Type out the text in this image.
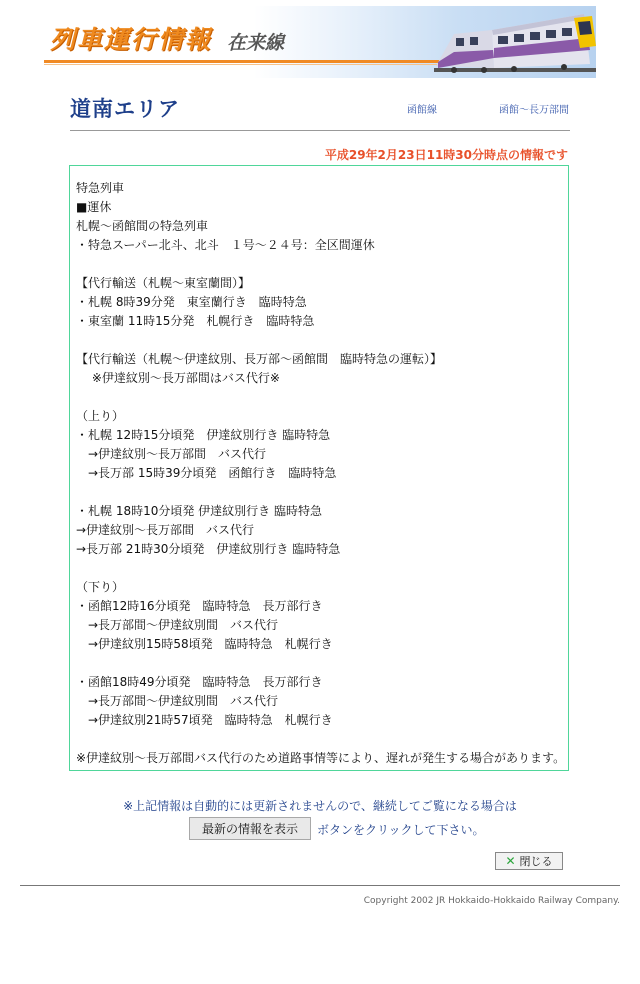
列車運行情報 在来線
道南エリア	函館線	函館～長万部間
平成29年2月23日11時30分時点の情報です
特急列車
■運休
札幌～函館間の特急列車
・特急スーパー北斗、北斗　１号～２４号：全区間運休
【代行輸送（札幌～東室蘭間）】
・札幌 8時39分発　東室蘭行き　臨時特急
・東室蘭 11時15分発　札幌行き　臨時特急
【代行輸送（札幌～伊達紋別、長万部～函館間　臨時特急の運転）】
　 ※伊達紋別～長万部間はバス代行※
（上り）
・札幌 12時15分頃発　伊達紋別行き 臨時特急
　→伊達紋別～長万部間　バス代行
　→長万部 15時39分頃発　函館行き　臨時特急
・札幌 18時10分頃発 伊達紋別行き 臨時特急
→伊達紋別～長万部間　バス代行
→長万部 21時30分頃発　伊達紋別行き 臨時特急
（下り）
・函館12時16分頃発　臨時特急　長万部行き
　→長万部間～伊達紋別間　バス代行
　→伊達紋別15時58頃発　臨時特急　札幌行き
・函館18時49分頃発　臨時特急　長万部行き
　→長万部間～伊達紋別間　バス代行
　→伊達紋別21時57頃発　臨時特急　札幌行き
※伊達紋別～長万部間バス代行のため道路事情等により、遅れが発生する場合があります。
※上記情報は自動的には更新されませんので、継続してご覧になる場合は
最新の情報を表示	ボタンをクリックして下さい。
✕ 閉じる
Copyright 2002 JR Hokkaido-Hokkaido Railway Company.
